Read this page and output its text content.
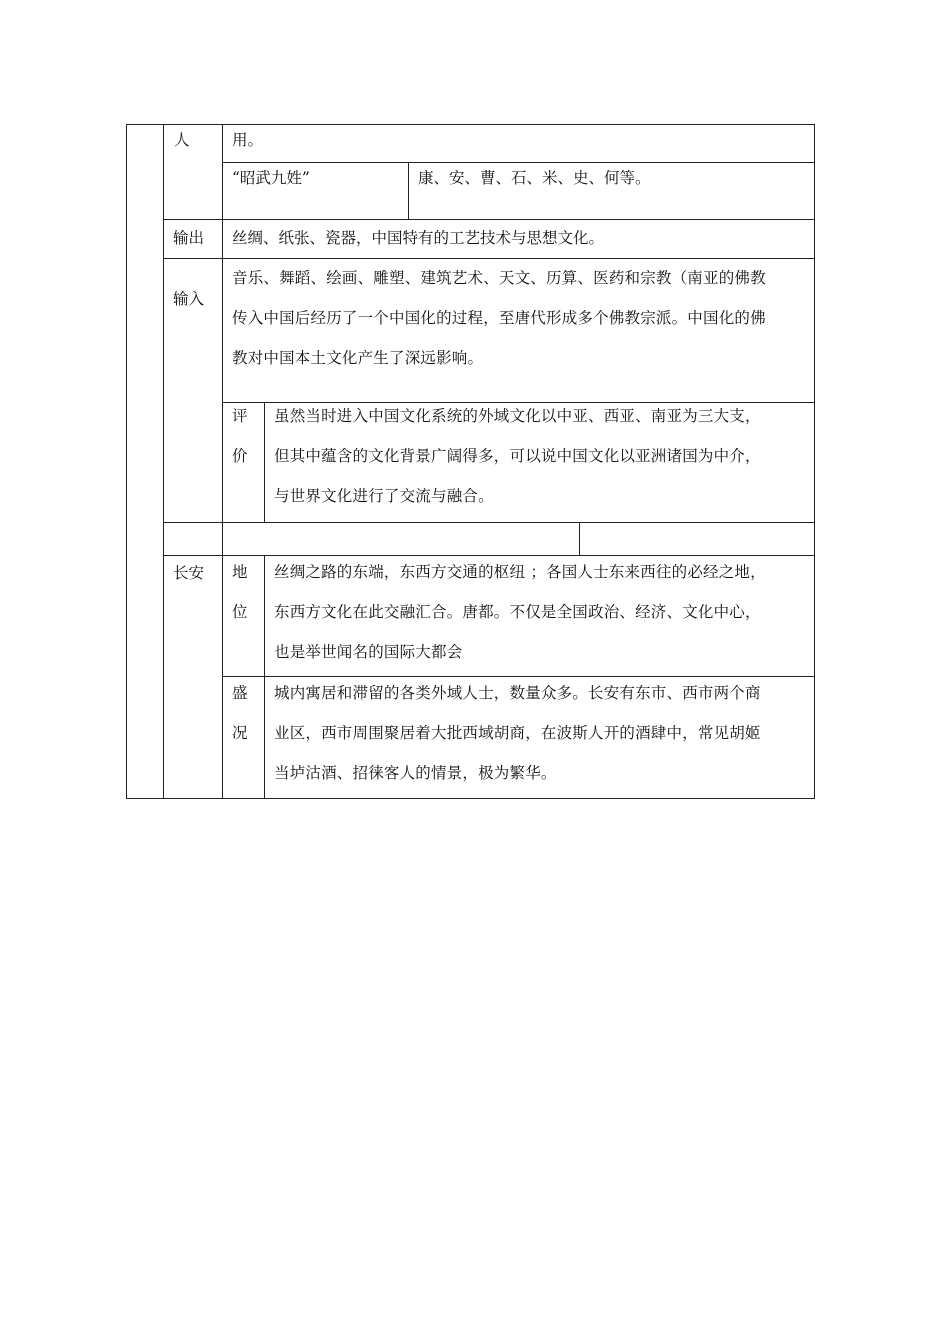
人	用。
“昭武九姓”	康、安、曹、石、米、史、何等。
输出 丝绸、纸张、瓷器，中国特有的工艺技术与思想文化。
输入
音乐、舞蹈、绘画、雕塑、建筑艺术、天文、历算、医药和宗教（南亚的佛教
传入中国后经历了一个中国化的过程，至唐代形成多个佛教宗派。中国化的佛
教对中国本土文化产生了深远影响。
评
价
虽然当时进入中国文化系统的外域文化以中亚、西亚、南亚为三大支，
但其中蕴含的文化背景广阔得多，可以说中国文化以亚洲诸国为中介，
与世界文化进行了交流与融合。
长安 地
位
丝绸之路的东端，东西方交通的枢纽 ；各国人士东来西往的必经之地，
东西方文化在此交融汇合。唐都。不仅是全国政治、经济、文化中心，
也是举世闻名的国际大都会
盛
况
城内寓居和滞留的各类外域人士，数量众多。长安有东市、西市两个商
业区，西市周围聚居着大批西域胡商，在波斯人开的酒肆中，常见胡姬
当垆沽酒、招徕客人的情景，极为繁华。
